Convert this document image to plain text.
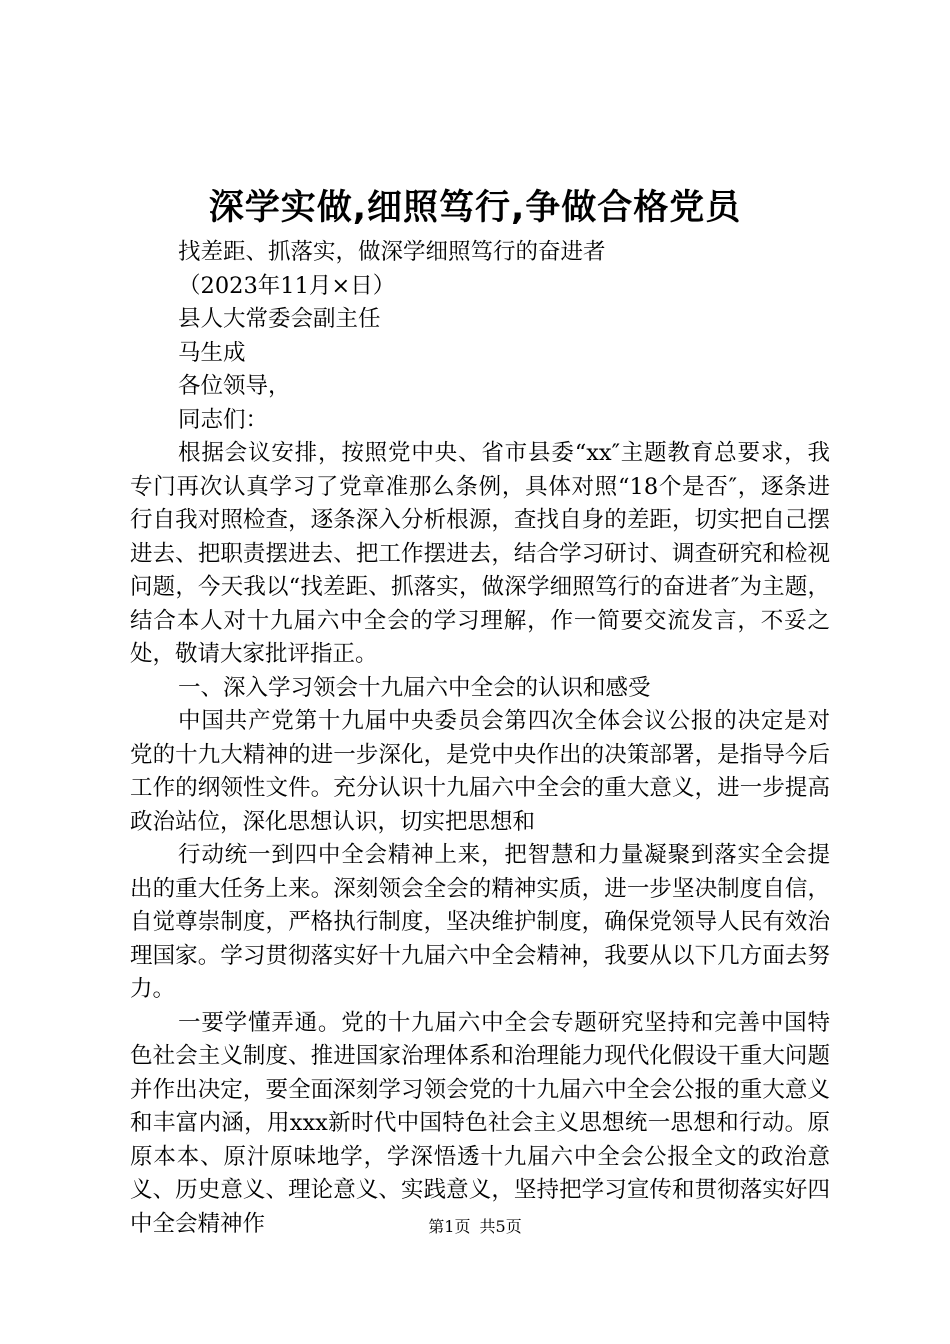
深学实做,细照笃行,争做合格党员

找差距、抓落实，做深学细照笃行的奋进者

（2023年11月×日）

县人大常委会副主任

马生成

各位领导，

同志们：

根据会议安排，按照党中央、省市县委“xx″主题教育总要求，我专门再次认真学习了党章准那么条例，具体对照“18个是否″，逐条进行自我对照检查，逐条深入分析根源，查找自身的差距，切实把自己摆进去、把职责摆进去、把工作摆进去，结合学习研讨、调查研究和检视问题，今天我以“找差距、抓落实，做深学细照笃行的奋进者″为主题，结合本人对十九届六中全会的学习理解，作一简要交流发言，不妥之处，敬请大家批评指正。

一、深入学习领会十九届六中全会的认识和感受

中国共产党第十九届中央委员会第四次全体会议公报的决定是对党的十九大精神的进一步深化，是党中央作出的决策部署，是指导今后工作的纲领性文件。充分认识十九届六中全会的重大意义，进一步提高政治站位，深化思想认识，切实把思想和

行动统一到四中全会精神上来，把智慧和力量凝聚到落实全会提出的重大任务上来。深刻领会全会的精神实质，进一步坚决制度自信，自觉尊崇制度，严格执行制度，坚决维护制度，确保党领导人民有效治理国家。学习贯彻落实好十九届六中全会精神，我要从以下几方面去努力。

一要学懂弄通。党的十九届六中全会专题研究坚持和完善中国特色社会主义制度、推进国家治理体系和治理能力现代化假设干重大问题并作出决定，要全面深刻学习领会党的十九届六中全会公报的重大意义和丰富内涵，用xxx新时代中国特色社会主义思想统一思想和行动。原原本本、原汁原味地学，学深悟透十九届六中全会公报全文的政治意义、历史意义、理论意义、实践意义，坚持把学习宣传和贯彻落实好四中全会精神作	第1页 共5页
